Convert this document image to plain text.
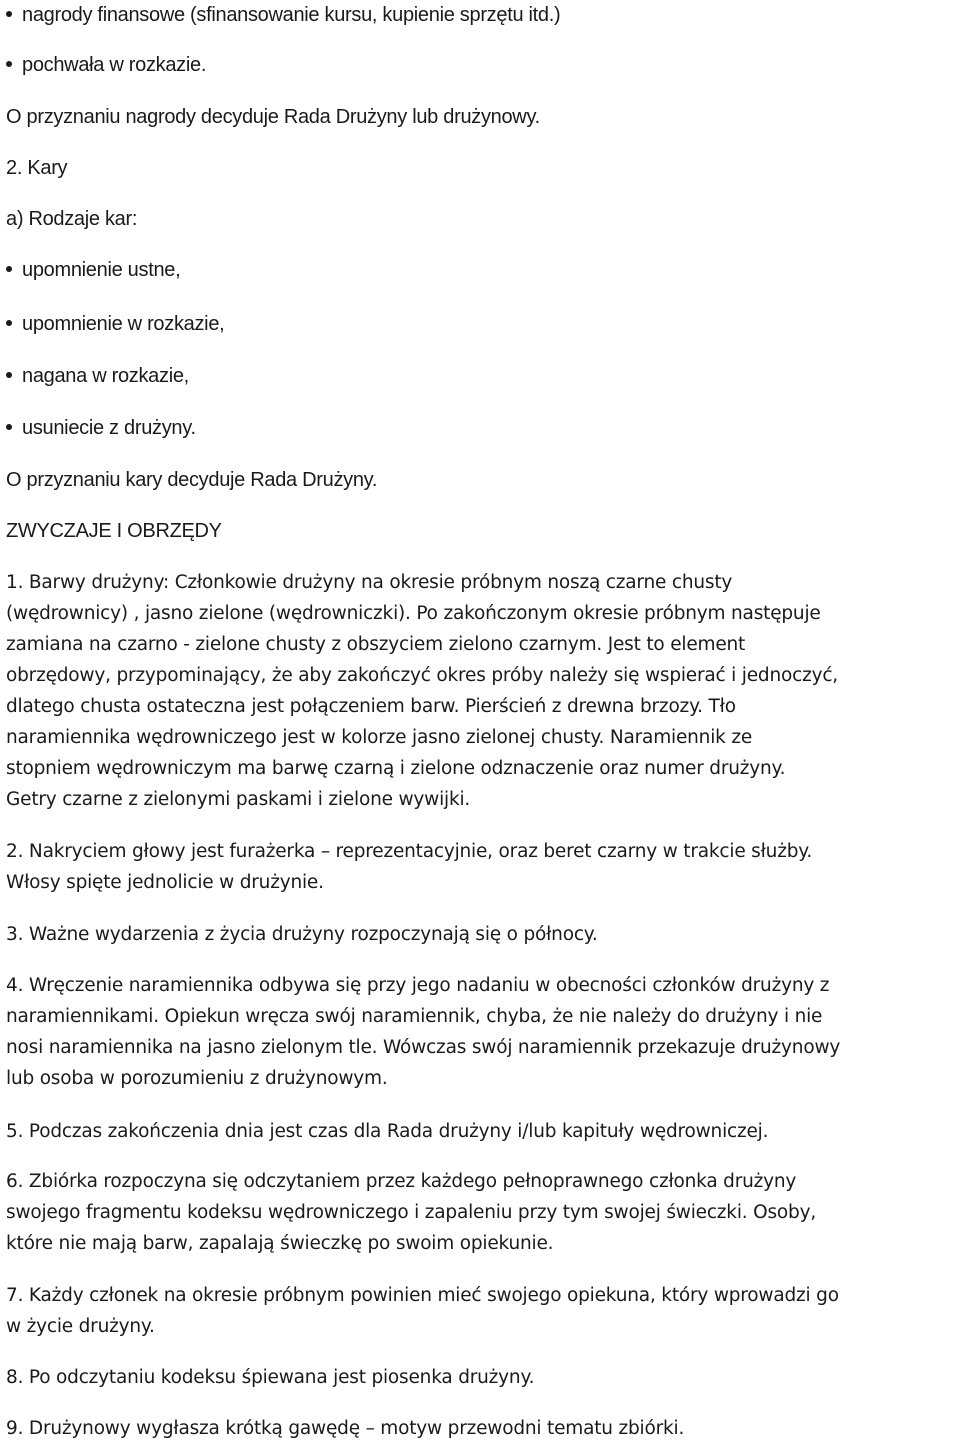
nagrody finansowe (sfinansowanie kursu, kupienie sprzętu itd.)

pochwała w rozkazie.

O przyznaniu nagrody decyduje Rada Drużyny lub drużynowy.

2. Kary

a) Rodzaje kar:

upomnienie ustne,

upomnienie w rozkazie,

nagana w rozkazie,

usuniecie z drużyny.

O przyznaniu kary decyduje Rada Drużyny.

ZWYCZAJE I OBRZĘDY

1. Barwy drużyny: Członkowie drużyny na okresie próbnym noszą czarne chusty
(wędrownicy) , jasno zielone (wędrowniczki). Po zakończonym okresie próbnym następuje
zamiana na czarno - zielone chusty z obszyciem zielono czarnym. Jest to element
obrzędowy, przypominający, że aby zakończyć okres próby należy się wspierać i jednoczyć,
dlatego chusta ostateczna jest połączeniem barw. Pierścień z drewna brzozy. Tło
naramiennika wędrowniczego jest w kolorze jasno zielonej chusty. Naramiennik ze
stopniem wędrowniczym ma barwę czarną i zielone odznaczenie oraz numer drużyny.
Getry czarne z zielonymi paskami i zielone wywijki.
2. Nakryciem głowy jest furażerka – reprezentacyjnie, oraz beret czarny w trakcie służby.
Włosy spięte jednolicie w drużynie.
3. Ważne wydarzenia z życia drużyny rozpoczynają się o północy.
4. Wręczenie naramiennika odbywa się przy jego nadaniu w obecności członków drużyny z
naramiennikami. Opiekun wręcza swój naramiennik, chyba, że nie należy do drużyny i nie
nosi naramiennika na jasno zielonym tle. Wówczas swój naramiennik przekazuje drużynowy
lub osoba w porozumieniu z drużynowym.
5. Podczas zakończenia dnia jest czas dla Rada drużyny i/lub kapituły wędrowniczej.
6. Zbiórka rozpoczyna się odczytaniem przez każdego pełnoprawnego członka drużyny
swojego fragmentu kodeksu wędrowniczego i zapaleniu przy tym swojej świeczki. Osoby,
które nie mają barw, zapalają świeczkę po swoim opiekunie.
7. Każdy członek na okresie próbnym powinien mieć swojego opiekuna, który wprowadzi go
w życie drużyny.
8. Po odczytaniu kodeksu śpiewana jest piosenka drużyny.
9. Drużynowy wygłasza krótką gawędę – motyw przewodni tematu zbiórki.
